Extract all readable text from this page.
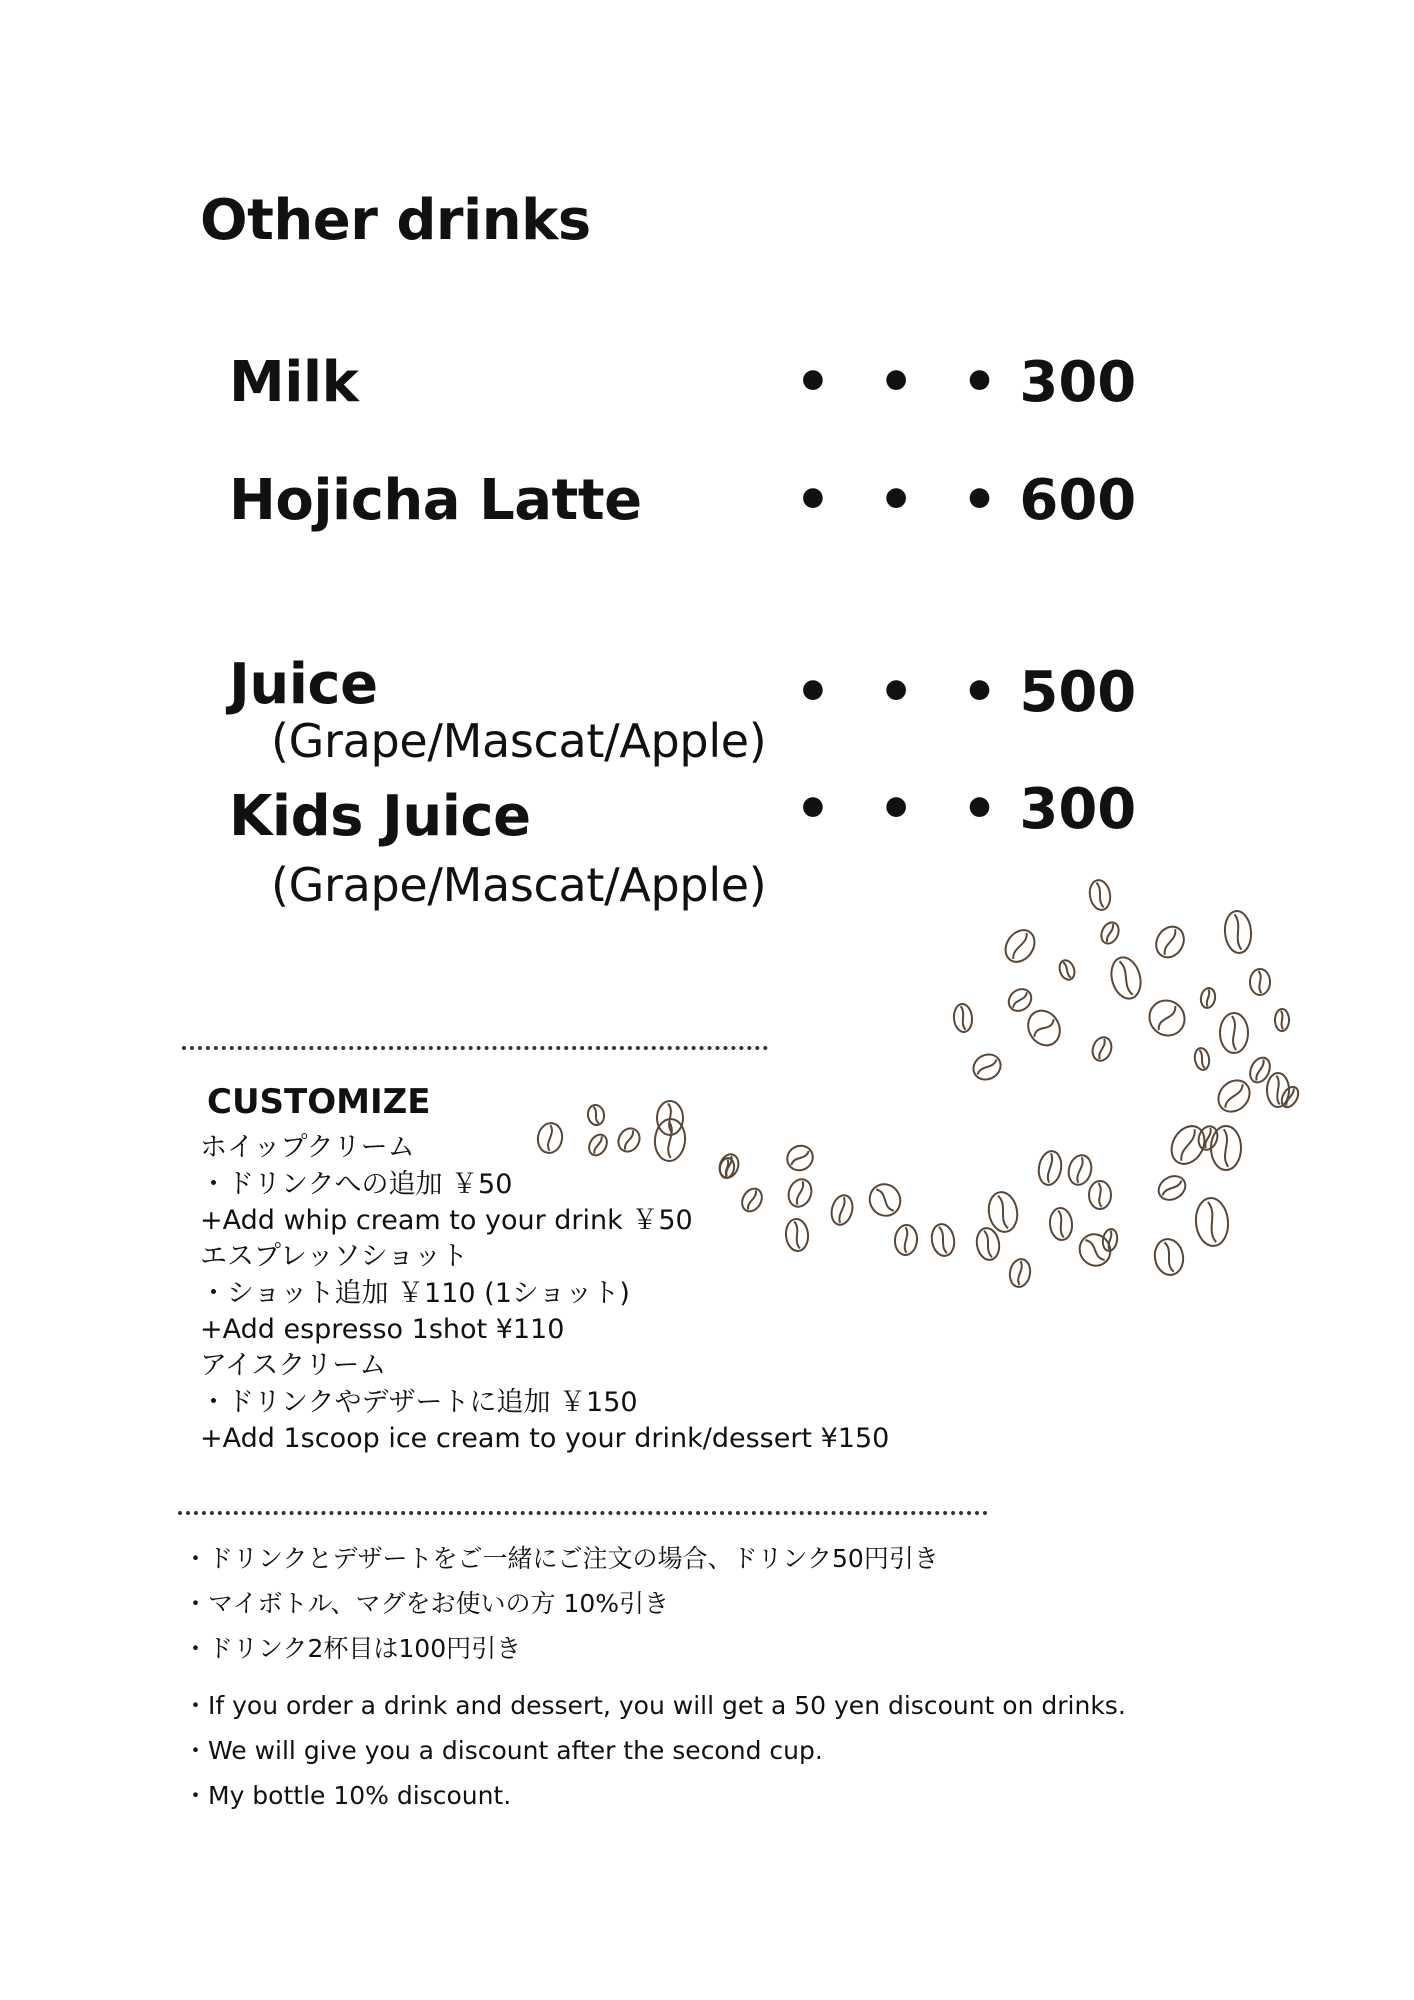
Other drinks
Milk	• • • 300
Hojicha Latte	• • • 600
Juice
(Grape/Mascat/Apple)
• • • 500
Kids Juice
(Grape/Mascat/Apple)
• • • 300
CUSTOMIZE
ホイップクリーム
・ドリンクへの追加 ￥50
+Add whip cream to your drink ￥50
エスプレッソショット
・ショット追加 ￥110 (1ショット)
+Add espresso 1shot ¥110
アイスクリーム
・ドリンクやデザートに追加 ￥150
+Add 1scoop ice cream to your drink/dessert ¥150
・ドリンクとデザートをご一緒にご注文の場合、ドリンク50円引き
・マイボトル、マグをお使いの方 10%引き
・ドリンク2杯目は100円引き
・If you order a drink and dessert, you will get a 50 yen discount on drinks.
・We will give you a discount after the second cup.
・My bottle 10% discount.
